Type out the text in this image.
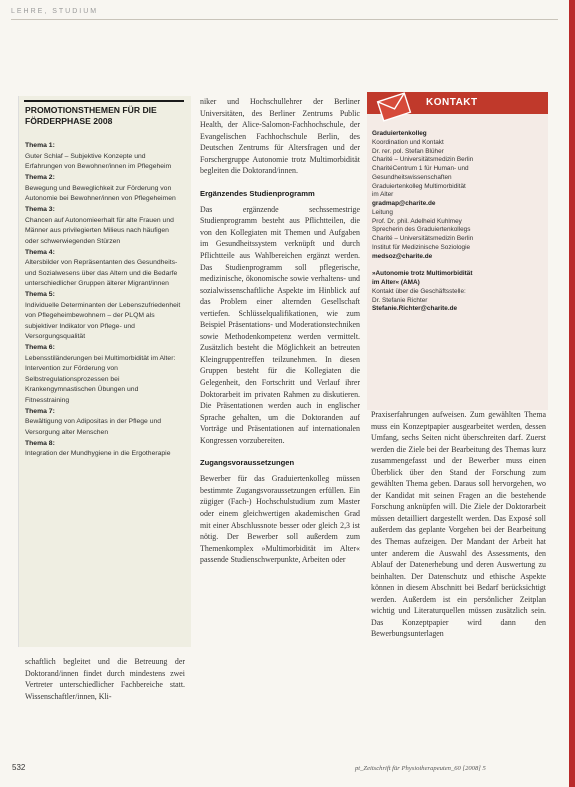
LEHRE, STUDIUM
PROMOTIONSTHEMEN FÜR DIE FÖRDERPHASE 2008
Thema 1:
Guter Schlaf – Subjektive Konzepte und Erfahrungen von Bewohner/innen im Pflegeheim
Thema 2:
Bewegung und Beweglichkeit zur Förderung von Autonomie bei Bewohner/innen von Pflegeheimen
Thema 3:
Chancen auf Autonomieerhalt für alte Frauen und Männer aus privilegierten Milieus nach häufigen oder schwerwiegenden Stürzen
Thema 4:
Altersbilder von Repräsentanten des Gesundheits- und Sozialwesens über das Altern und die Bedarfe unterschiedlicher Gruppen älterer Migrant/innen
Thema 5:
Individuelle Determinanten der Lebenszufriedenheit von Pflegeheimbewohnern – der PLQM als subjektiver Indikator von Pflege- und Versorgungsqualität
Thema 6:
Lebensstiländerungen bei Multimorbidität im Alter: Intervention zur Förderung von Selbstregulationsprozessen bei Krankengymnastischen Übungen und Fitnesstraining
Thema 7:
Bewältigung von Adipositas in der Pflege und Versorgung alter Menschen
Thema 8:
Integration der Mundhygiene in die Ergotherapie
schaftlich begleitet und die Betreuung der Doktorand/innen findet durch mindestens zwei Vertreter unterschiedlicher Fachbereiche statt. Wissenschaftler/innen, Kli-

niker und Hochschullehrer der Berliner Universitäten, des Berliner Zentrums Public Health, der Alice-Salomon-Fachhochschule, der Evangelischen Fachhochschule Berlin, des Deutschen Zentrums für Altersfragen und der Forschergruppe Autonomie trotz Multimorbidität begleiten die Doktorand/innen.

Ergänzendes Studienprogramm

Das ergänzende sechssemestrige Studienprogramm besteht aus Pflichtteilen, die von den Kollegiaten mit Themen und Aufgaben im Gesundheitssystem verknüpft und durch Pflichtteile aus Wahlbereichen ergänzt werden. Das Studienprogramm soll pflegerische, medizinische, ökonomische sowie verhaltens- und sozialwissenschaftliche Aspekte im Hinblick auf das Problem einer alternden Gesellschaft vertiefen. Schlüsselqualifikationen, wie zum Beispiel Präsentations- und Moderationstechniken sowie Methodenkompetenz werden vermittelt. Zusätzlich besteht die Möglichkeit an betreuten Kleingruppentreffen teilzunehmen. In diesen Gruppen besteht für die Kollegiaten die Gelegenheit, den Fortschritt und Verlauf ihrer Doktorarbeit im privaten Rahmen zu diskutieren. Die Präsentationen werden auch in englischer Sprache gehalten, um die Doktoranden auf Vorträge und Präsentationen auf internationalen Kongressen vorzubereiten.

Zugangsvoraussetzungen

Bewerber für das Graduiertenkolleg müssen bestimmte Zugangsvoraussetzungen erfüllen. Ein zügiger (Fach-) Hochschulstudium zum Master oder einem gleichwertigen akademischen Grad mit einer Abschlussnote besser oder gleich 2,3 ist nötig. Der Bewerber soll außerdem zum Themenkomplex »Multimorbidität im Alter« passende Studienschwerpunkte, Arbeiten oder

KONTAKT
Graduiertenkolleg
Koordination und Kontakt
Dr. rer. pol. Stefan Blüher
Charité – Universitätsmedizin Berlin
CharitéCentrum 1 für Human- und
Gesundheitswissenschaften
Graduiertenkolleg Multimorbidität
im Alter
gradmap@charite.de
Leitung
Prof. Dr. phil. Adelheid Kuhlmey
Sprecherin des Graduiertenkollegs
Charité – Universitätsmedizin Berlin
Institut für Medizinische Soziologie
medsoz@charite.de
»Autonomie trotz Multimorbidität
im Alter« (AMA)
Kontakt über die Geschäftsstelle:
Dr. Stefanie Richter
Stefanie.Richter@charite.de
Praxiserfahrungen aufweisen. Zum gewählten Thema muss ein Konzeptpapier ausgearbeitet werden, dessen Umfang, sechs Seiten nicht überschreiten darf. Zuerst werden die Ziele bei der Bearbeitung des Themas kurz zusammengefasst und der Bewerber muss einen Überblick über den Stand der Forschung zum gewählten Thema geben. Daraus soll hervorgehen, wo der Kandidat mit seinen Fragen an die bestehende Forschung anknüpfen will. Die Ziele der Doktorarbeit müssen detailliert dargestellt werden. Das Exposé soll außerdem das geplante Vorgehen bei der Bearbeitung des Themas aufzeigen. Der Mandant der Arbeit hat unter anderem die Auswahl des Assessments, den Ablauf der Datenerhebung und deren Auswertung zu beinhalten. Der Datenschutz und ethische Aspekte können in diesem Abschnitt bei Bedarf berücksichtigt werden. Außerdem ist ein persönlicher Zeitplan wichtig und Literaturquellen müssen zusätzlich sein. Das Konzeptpapier wird dann den Bewerbungsunterlagen
532	pt_Zeitschrift für Physiotherapeuten_60 [2008] 5
